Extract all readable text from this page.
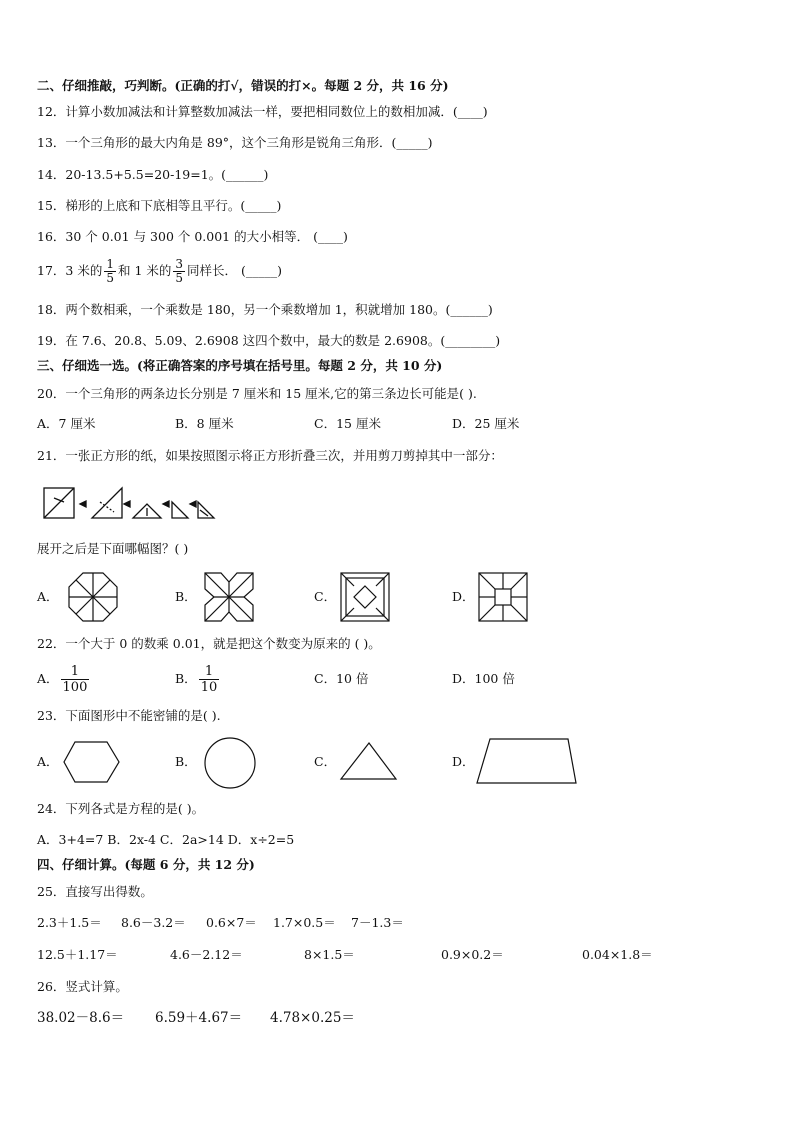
二、仔细推敲，巧判断。(正确的打√，错误的打×。每题 2 分，共 16 分)
12．计算小数加减法和计算整数加减法一样，要把相同数位上的数相加减．(____)
13．一个三角形的最大内角是 89°，这个三角形是锐角三角形．(_____)
14．20-13.5+5.5=20-19=1。(______)
15．梯形的上底和下底相等且平行。(_____)
16．30 个 0.01 与 300 个 0.001 的大小相等． (____)
17．3 米的 $\frac{1}{5}$ 和 1 米的 $\frac{3}{5}$ 同样长． (_____)
18．两个数相乘，一个乘数是 180，另一个乘数增加 1，积就增加 180。(______)
19．在 7.6、20.8、5.09、2.6908 这四个数中，最大的数是 2.6908。(________)
三、仔细选一选。(将正确答案的序号填在括号里。每题 2 分，共 10 分)
20．一个三角形的两条边长分别是 7 厘米和 15 厘米,它的第三条边长可能是( ).
A．7 厘米	B．8 厘米	C．15 厘米	D．25 厘米
21．一张正方形的纸，如果按照图示将正方形折叠三次，并用剪刀剪掉其中一部分：
展开之后是下面哪幅图？( )
A．	B．	C．	D．
22．一个大于 0 的数乘 0.01，就是把这个数变为原来的 ( )。
A． $\frac{1}{100}$	B． $\frac{1}{10}$	C．10 倍	D．100 倍
23．下面图形中不能密铺的是( ).
A．	B．	C．	D．
24．下列各式是方程的是( )。
A．3+4=7 B．2x-4 C．2a>14 D．x÷2=5
四、仔细计算。(每题 6 分，共 12 分)
25．直接写出得数。
2.3＋1.5＝ 8.6－3.2＝ 0.6×7＝ 1.7×0.5＝ 7－1.3＝
12.5＋1.17＝	4.6－2.12＝	8×1.5＝	0.9×0.2＝	0.04×1.8＝
26．竖式计算。
38.02－8.6＝ 6.59＋4.67＝ 4.78×0.25＝
